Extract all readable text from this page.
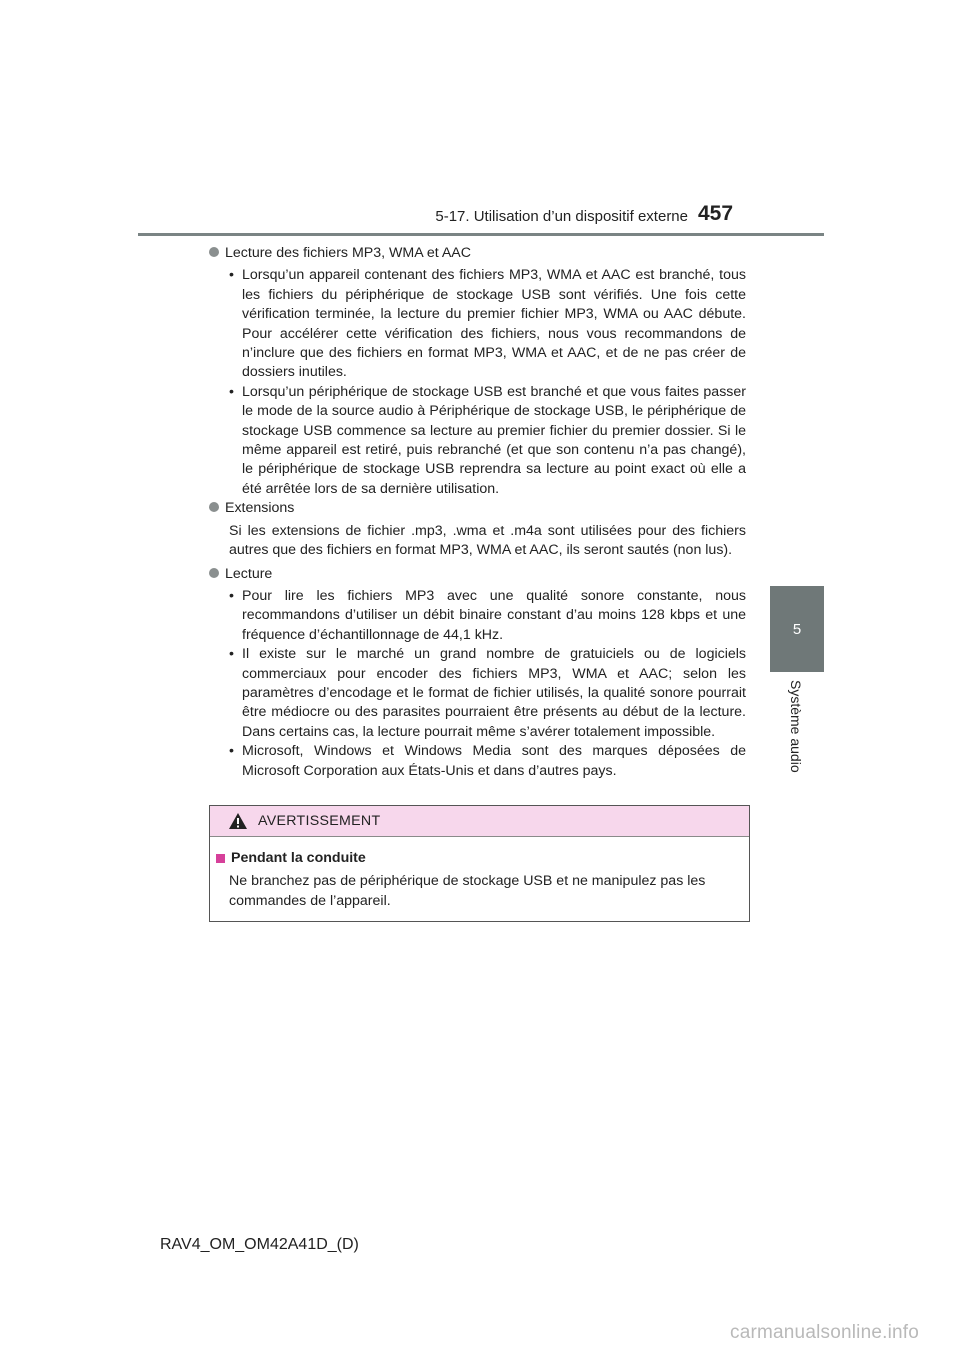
5-17. Utilisation d’un dispositif externe 457
5
Système audio
Lecture des fichiers MP3, WMA et AAC
• Lorsqu’un appareil contenant des fichiers MP3, WMA et AAC est branché, tous les fichiers du périphérique de stockage USB sont vérifiés. Une fois cette vérification terminée, la lecture du premier fichier MP3, WMA ou AAC débute. Pour accélérer cette vérification des fichiers, nous vous recommandons de n’inclure que des fichiers en format MP3, WMA et AAC, et de ne pas créer de dossiers inutiles.
• Lorsqu’un périphérique de stockage USB est branché et que vous faites passer le mode de la source audio à Périphérique de stockage USB, le périphérique de stockage USB commence sa lecture au premier fichier du premier dossier. Si le même appareil est retiré, puis rebranché (et que son contenu n’a pas changé), le périphérique de stockage USB reprendra sa lecture au point exact où elle a été arrêtée lors de sa dernière utilisation.
Extensions

Si les extensions de fichier .mp3, .wma et .m4a sont utilisées pour des fichiers autres que des fichiers en format MP3, WMA et AAC, ils seront sautés (non lus).

Lecture
• Pour lire les fichiers MP3 avec une qualité sonore constante, nous recommandons d’utiliser un débit binaire constant d’au moins 128 kbps et une fréquence d’échantillonnage de 44,1 kHz.
• Il existe sur le marché un grand nombre de gratuiciels ou de logiciels commerciaux pour encoder des fichiers MP3, WMA et AAC; selon les paramètres d’encodage et le format de fichier utilisés, la qualité sonore pourrait être médiocre ou des parasites pourraient être présents au début de la lecture. Dans certains cas, la lecture pourrait même s’avérer totalement impossible.
• Microsoft, Windows et Windows Media sont des marques déposées de Microsoft Corporation aux États-Unis et dans d’autres pays.
AVERTISSEMENT
Pendant la conduite
Ne branchez pas de périphérique de stockage USB et ne manipulez pas les commandes de l’appareil.
RAV4_OM_OM42A41D_(D)
carmanualsonline.info
